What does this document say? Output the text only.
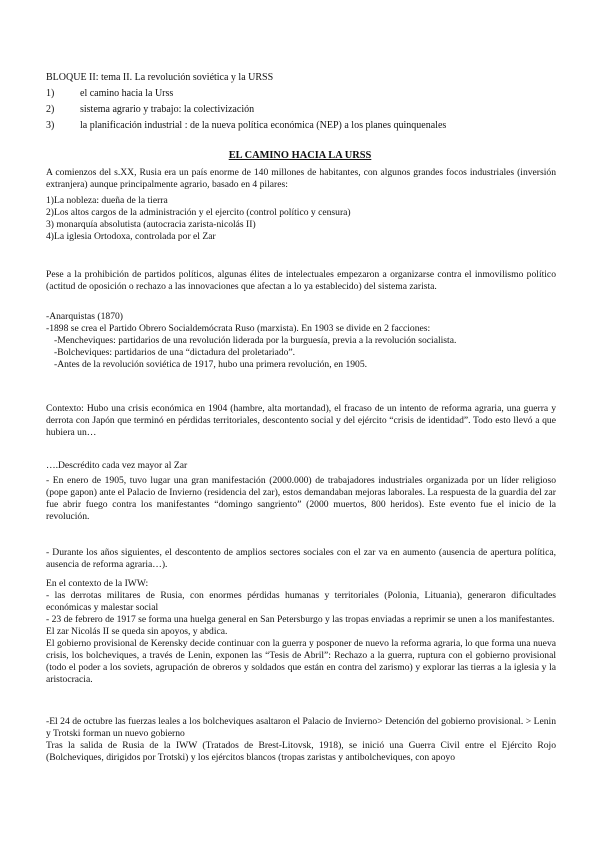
BLOQUE II: tema II. La revolución soviética y la URSS
1)	el camino hacia la Urss
2)	sistema agrario y trabajo: la colectivización
3)	la planificación industrial : de la nueva política económica (NEP) a los planes quinquenales
EL CAMINO HACIA LA URSS

A comienzos del s.XX, Rusia era un país enorme de 140 millones de habitantes, con algunos grandes focos industriales (inversión extranjera) aunque principalmente agrario, basado en 4 pilares:

1)La nobleza: dueña de la tierra

2)Los altos cargos de la administración y el ejercito (control político y censura)

3) monarquía absolutista (autocracia zarista-nicolás II)

4)La iglesia Ortodoxa, controlada por el Zar

Pese a la prohibición de partidos políticos, algunas élites de intelectuales empezaron a organizarse contra el inmovilismo político (actitud de oposición o rechazo a las innovaciones que afectan a lo ya establecido) del sistema zarista.

-Anarquistas (1870)

-1898 se crea el Partido Obrero Socialdemócrata Ruso (marxista). En 1903 se divide en 2 facciones:

-Mencheviques: partidarios de una revolución liderada por la burguesía, previa a la revolución socialista.

-Bolcheviques: partidarios de una “dictadura del proletariado”.

-Antes de la revolución soviética de 1917, hubo una primera revolución, en 1905.

Contexto: Hubo una crisis económica en 1904 (hambre, alta mortandad), el fracaso de un intento de reforma agraria, una guerra y derrota con Japón que terminó en pérdidas territoriales, descontento social y del ejército “crisis de identidad”. Todo esto llevó a que hubiera un…

….Descrédito cada vez mayor al Zar

- En enero de 1905, tuvo lugar una gran manifestación (2000.000) de trabajadores industriales organizada por un líder religioso (pope gapon) ante el Palacio de Invierno (residencia del zar), estos demandaban mejoras laborales. La respuesta de la guardia del zar fue abrir fuego contra los manifestantes “domingo sangriento” (2000 muertos, 800 heridos). Este evento fue el inicio de la revolución.

- Durante los años siguientes, el descontento de amplios sectores sociales con el zar va en aumento (ausencia de apertura política, ausencia de reforma agraria…).

En el contexto de la IWW:

- las derrotas militares de Rusia, con enormes pérdidas humanas y territoriales (Polonia, Lituania), generaron dificultades económicas y malestar social

- 23 de febrero de 1917 se forma una huelga general en San Petersburgo y las tropas enviadas a reprimir se unen a los manifestantes.

El zar Nicolás II se queda sin apoyos, y abdica.

El gobierno provisional de Kerensky decide continuar con la guerra y posponer de nuevo la reforma agraria, lo que forma una nueva crisis, los bolcheviques, a través de Lenin, exponen las “Tesis de Abril”: Rechazo a la guerra, ruptura con el gobierno provisional (todo el poder a los soviets, agrupación de obreros y soldados que están en contra del zarismo) y explorar las tierras a la iglesia y la aristocracia.

-El 24 de octubre las fuerzas leales a los bolcheviques asaltaron el Palacio de Invierno> Detención del gobierno provisional. > Lenin y Trotski forman un nuevo gobierno

Tras la salida de Rusia de la IWW (Tratados de Brest-Litovsk, 1918), se inició una Guerra Civil entre el Ejército Rojo (Bolcheviques, dirigidos por Trotski) y los ejércitos blancos (tropas zaristas y antibolcheviques, con apoyo
